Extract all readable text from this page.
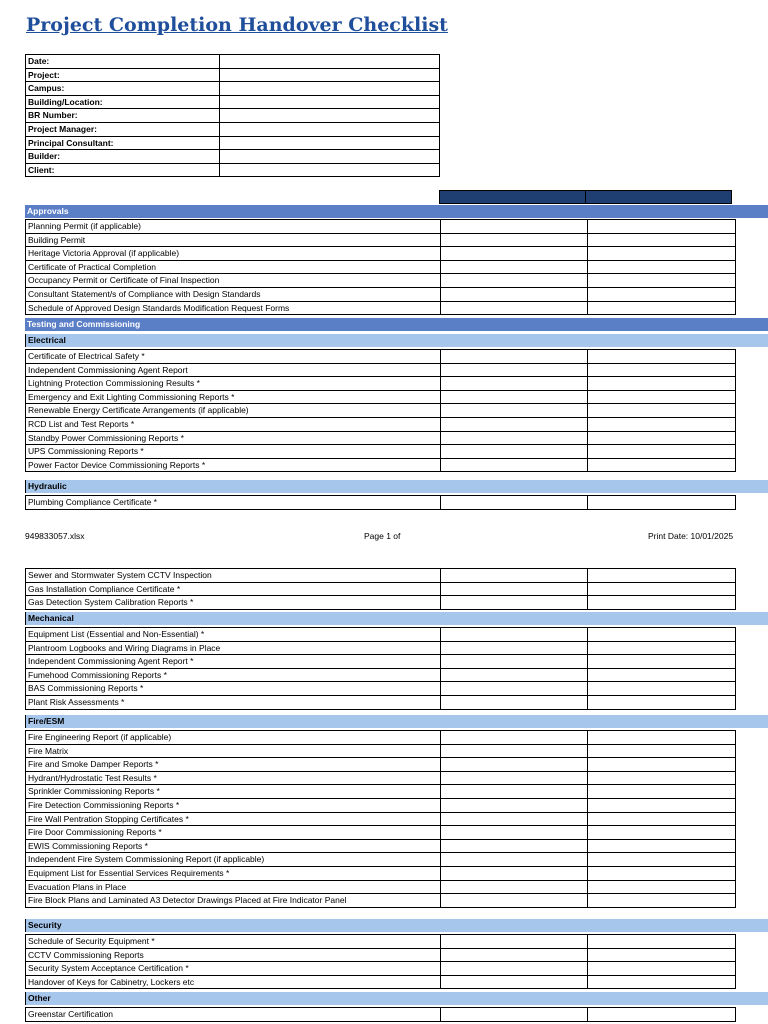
Project Completion Handover Checklist
Date:	
Project:	
Campus:	
Building/Location:	
BR Number:	
Project Manager:	
Principal Consultant:	
Builder:	
Client:	
Approvals
Planning Permit (if applicable)		
Building Permit		
Heritage Victoria Approval (if applicable)		
Certificate of Practical Completion		
Occupancy Permit or Certificate of Final Inspection		
Consultant Statement/s of Compliance with Design Standards		
Schedule of Approved Design Standards Modification Request Forms		
Testing and Commissioning
Electrical
Certificate of Electrical Safety *		
Independent Commissioning Agent Report		
Lightning Protection Commissioning Results *		
Emergency and Exit Lighting Commissioning Reports *		
Renewable Energy Certificate Arrangements (if applicable)		
RCD List and Test Reports *		
Standby Power Commissioning Reports *		
UPS Commissioning Reports *		
Power Factor Device Commissioning Reports *		
Hydraulic
Plumbing Compliance Certificate *		
949833057.xlsx	Page 1 of	Print Date: 10/01/2025
Sewer and Stormwater System CCTV Inspection		
Gas Installation Compliance Certificate *		
Gas Detection System Calibration Reports *		
Mechanical
Equipment List (Essential and Non-Essential) *		
Plantroom Logbooks and Wiring Diagrams in Place		
Independent Commissioning Agent Report *		
Fumehood Commissioning Reports *		
BAS Commissioning Reports *		
Plant Risk Assessments *		
Fire/ESM
Fire Engineering Report (if applicable)		
Fire Matrix		
Fire and Smoke Damper Reports *		
Hydrant/Hydrostatic Test Results *		
Sprinkler Commissioning Reports *		
Fire Detection Commissioning Reports *		
Fire Wall Pentration Stopping Certificates *		
Fire Door Commissioning Reports *		
EWIS Commissioning Reports *		
Independent Fire System Commissioning Report (if applicable)		
Equipment List for Essential Services Requirements *		
Evacuation Plans in Place		
Fire Block Plans and Laminated A3 Detector Drawings Placed at Fire Indicator Panel		
Security
Schedule of Security Equipment *		
CCTV Commissioning Reports		
Security System Acceptance Certification *		
Handover of Keys for Cabinetry, Lockers etc		
Other
Greenstar Certification		
